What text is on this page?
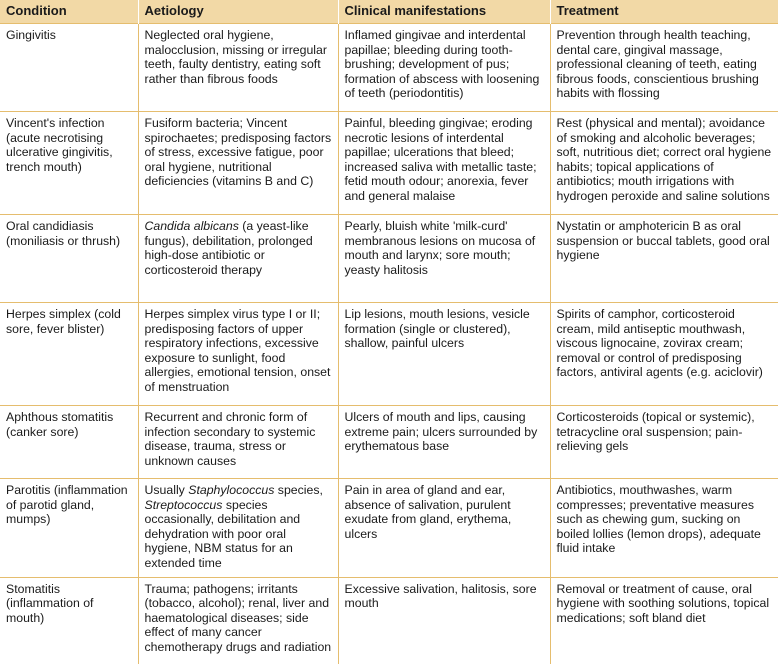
Condition	Aetiology	Clinical manifestations	Treatment
Gingivitis	Neglected oral hygiene, malocclusion, missing or irregular teeth, faulty dentistry, eating soft rather than fibrous foods	Inflamed gingivae and interdental papillae; bleeding during tooth-brushing; development of pus; formation of abscess with loosening of teeth (periodontitis)	Prevention through health teaching, dental care, gingival massage, professional cleaning of teeth, eating fibrous foods, conscientious brushing habits with flossing
Vincent's infection (acute necrotising ulcerative gingivitis, trench mouth)	Fusiform bacteria; Vincent spirochaetes; predisposing factors of stress, excessive fatigue, poor oral hygiene, nutritional deficiencies (vitamins B and C)	Painful, bleeding gingivae; eroding necrotic lesions of interdental papillae; ulcerations that bleed; increased saliva with metallic taste; fetid mouth odour; anorexia, fever and general malaise	Rest (physical and mental); avoidance of smoking and alcoholic beverages; soft, nutritious diet; correct oral hygiene habits; topical applications of antibiotics; mouth irrigations with hydrogen peroxide and saline solutions
Oral candidiasis (moniliasis or thrush)	Candida albicans (a yeast-like fungus), debilitation, prolonged high-dose antibiotic or corticosteroid therapy	Pearly, bluish white 'milk-curd' membranous lesions on mucosa of mouth and larynx; sore mouth; yeasty halitosis	Nystatin or amphotericin B as oral suspension or buccal tablets, good oral hygiene
Herpes simplex (cold sore, fever blister)	Herpes simplex virus type I or II; predisposing factors of upper respiratory infections, excessive exposure to sunlight, food allergies, emotional tension, onset of menstruation	Lip lesions, mouth lesions, vesicle formation (single or clustered), shallow, painful ulcers	Spirits of camphor, corticosteroid cream, mild antiseptic mouthwash, viscous lignocaine, zovirax cream; removal or control of predisposing factors, antiviral agents (e.g. aciclovir)
Aphthous stomatitis (canker sore)	Recurrent and chronic form of infection secondary to systemic disease, trauma, stress or unknown causes	Ulcers of mouth and lips, causing extreme pain; ulcers surrounded by erythematous base	Corticosteroids (topical or systemic), tetracycline oral suspension; pain-relieving gels
Parotitis (inflammation of parotid gland, mumps)	Usually Staphylococcus species, Streptococcus species occasionally, debilitation and dehydration with poor oral hygiene, NBM status for an extended time	Pain in area of gland and ear, absence of salivation, purulent exudate from gland, erythema, ulcers	Antibiotics, mouthwashes, warm compresses; preventative measures such as chewing gum, sucking on boiled lollies (lemon drops), adequate fluid intake
Stomatitis (inflammation of mouth)	Trauma; pathogens; irritants (tobacco, alcohol); renal, liver and haematological diseases; side effect of many cancer chemotherapy drugs and radiation	Excessive salivation, halitosis, sore mouth	Removal or treatment of cause, oral hygiene with soothing solutions, topical medications; soft bland diet
